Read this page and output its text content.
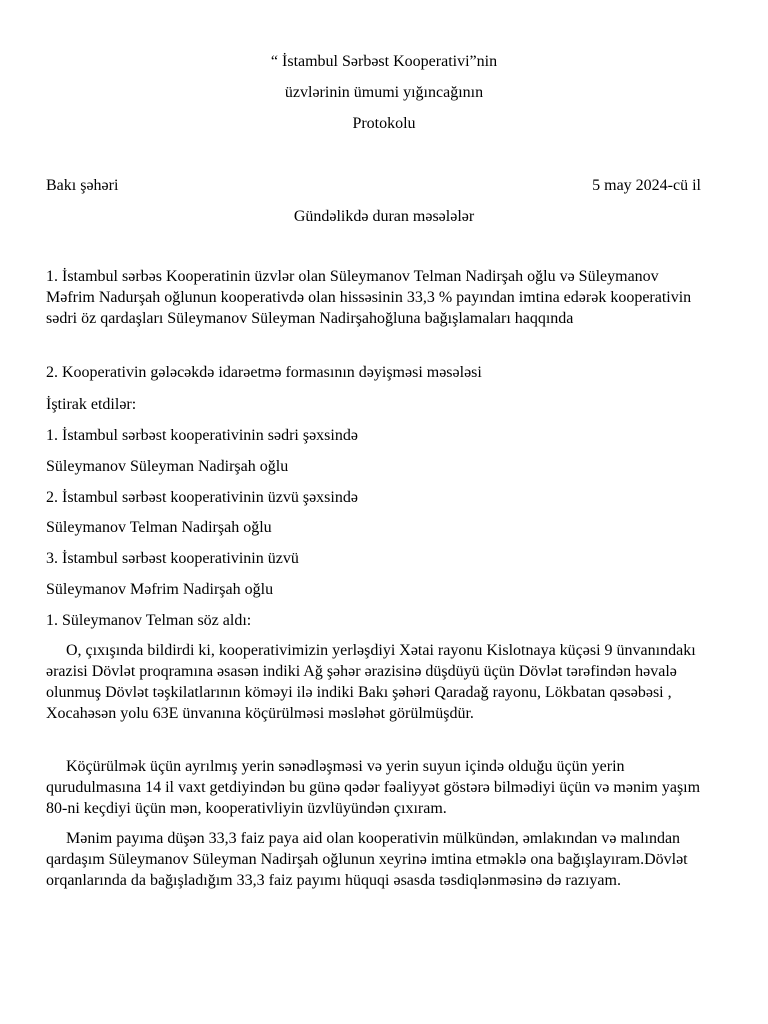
“ İstambul Sərbəst Kooperativi”nin
üzvlərinin ümumi yığıncağının
Protokolu
Bakı şəhəri	5 may 2024-cü il
Gündəlikdə duran məsələlər
1. İstambul sərbəs Kooperatinin üzvlər olan Süleymanov Telman Nadirşah oğlu və Süleymanov Məfrim Nadurşah oğlunun kooperativdə olan hissəsinin 33,3 % payından imtina edərək kooperativin sədri öz qardaşları Süleymanov Süleyman Nadirşahoğluna bağışlamaları haqqında
2. Kooperativin gələcəkdə idarəetmə formasının dəyişməsi məsələsi
İştirak etdilər:
1. İstambul sərbəst kooperativinin sədri şəxsində
Süleymanov Süleyman Nadirşah oğlu
2. İstambul sərbəst kooperativinin üzvü şəxsində
Süleymanov Telman Nadirşah oğlu
3. İstambul sərbəst kooperativinin üzvü
Süleymanov Məfrim Nadirşah oğlu
1. Süleymanov Telman söz aldı:
O, çıxışında bildirdi ki, kooperativimizin yerləşdiyi Xətai rayonu Kislotnaya küçəsi 9 ünvanındakı ərazisi Dövlət proqramına əsasən indiki Ağ şəhər ərazisinə düşdüyü üçün Dövlət tərəfindən həvalə olunmuş Dövlət təşkilatlarının köməyi ilə indiki Bakı şəhəri Qaradağ rayonu, Lökbatan qəsəbəsi , Xocahəsən yolu 63E ünvanına köçürülməsi məsləhət görülmüşdür.
Köçürülmək üçün ayrılmış yerin sənədləşməsi və yerin suyun içində olduğu üçün yerin qurudulmasına 14 il vaxt getdiyindən bu günə qədər fəaliyyət göstərə bilmədiyi üçün və mənim yaşım 80-ni keçdiyi üçün mən, kooperativliyin üzvlüyündən çıxıram.
Mənim payıma düşən 33,3 faiz paya aid olan kooperativin mülkündən, əmlakından və malından qardaşım Süleymanov Süleyman Nadirşah oğlunun xeyrinə imtina etməklə ona bağışlayıram.Dövlət orqanlarında da bağışladığım 33,3 faiz payımı hüquqi əsasda təsdiqlənməsinə də razıyam.
